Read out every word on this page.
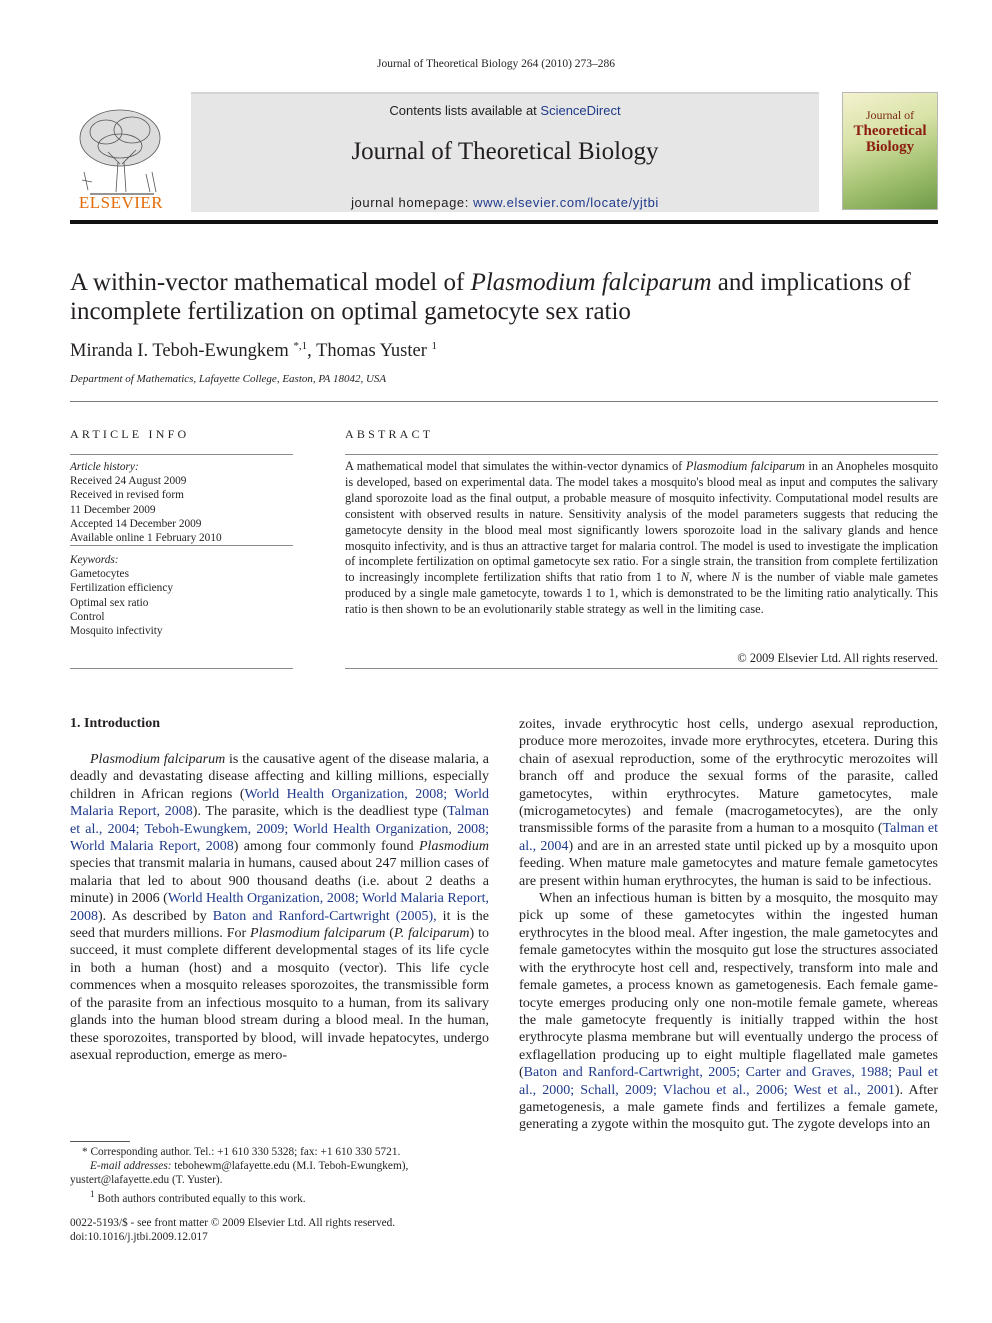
Journal of Theoretical Biology 264 (2010) 273–286
ELSEVIER
Contents lists available at ScienceDirect
Journal of Theoretical Biology
journal homepage: www.elsevier.com/locate/yjtbi
Journal of
Theoretical
Biology
A within-vector mathematical model of Plasmodium falciparum and implications of incomplete fertilization on optimal gametocyte sex ratio
Miranda I. Teboh-Ewungkem $^{*,1}$, Thomas Yuster $^1$
Department of Mathematics, Lafayette College, Easton, PA 18042, USA
ARTICLE INFO
Article history:
Received 24 August 2009
Received in revised form
11 December 2009
Accepted 14 December 2009
Available online 1 February 2010
Keywords:
Gametocytes
Fertilization efficiency
Optimal sex ratio
Control
Mosquito infectivity
ABSTRACT
A mathematical model that simulates the within-vector dynamics of Plasmodium falciparum in an Anopheles mosquito is developed, based on experimental data. The model takes a mosquito's blood meal as input and computes the salivary gland sporozoite load as the final output, a probable measure of mosquito infectivity. Computational model results are consistent with observed results in nature. Sensitivity analysis of the model parameters suggests that reducing the gametocyte density in the blood meal most significantly lowers sporozoite load in the salivary glands and hence mosquito infectivity, and is thus an attractive target for malaria control. The model is used to investigate the implication of incomplete fertilization on optimal gametocyte sex ratio. For a single strain, the transition from complete fertilization to increasingly incomplete fertilization shifts that ratio from 1 to N, where N is the number of viable male gametes produced by a single male gametocyte, towards 1 to 1, which is demonstrated to be the limiting ratio analytically. This ratio is then shown to be an evolutionarily stable strategy as well in the limiting case.
© 2009 Elsevier Ltd. All rights reserved.
1. Introduction

Plasmodium falciparum is the causative agent of the disease malaria, a deadly and devastating disease affecting and killing millions, especially children in African regions (World Health Organization, 2008; World Malaria Report, 2008). The parasite, which is the deadliest type (Talman et al., 2004; Teboh-Ewungkem, 2009; World Health Organization, 2008; World Malaria Report, 2008) among four commonly found Plasmodium species that transmit malaria in humans, caused about 247 million cases of malaria that led to about 900 thousand deaths (i.e. about 2 deaths a minute) in 2006 (World Health Organization, 2008; World Malaria Report, 2008). As described by Baton and Ranford-Cartwright (2005), it is the seed that murders millions. For Plasmodium falciparum (P. falciparum) to succeed, it must complete different developmental stages of its life cycle in both a human (host) and a mosquito (vector). This life cycle commences when a mosquito releases sporozoites, the transmissible form of the parasite from an infectious mosquito to a human, from its salivary glands into the human blood stream during a blood meal. In the human, these sporozoites, transported by blood, will invade hepatocytes, undergo asexual reproduction, emerge as mero-

zoites, invade erythrocytic host cells, undergo asexual reproduction, produce more merozoites, invade more erythrocytes, etcetera. During this chain of asexual reproduction, some of the erythrocytic merozoites will branch off and produce the sexual forms of the parasite, called gametocytes, within erythrocytes. Mature gametocytes, male (microgametocytes) and female (macrogametocytes), are the only transmissible forms of the parasite from a human to a mosquito (Talman et al., 2004) and are in an arrested state until picked up by a mosquito upon feeding. When mature male gametocytes and mature female gametocytes are present within human erythrocytes, the human is said to be infectious.

When an infectious human is bitten by a mosquito, the mosquito may pick up some of these gametocytes within the ingested human erythrocytes in the blood meal. After ingestion, the male gametocytes and female gametocytes within the mosquito gut lose the structures associated with the erythrocyte host cell and, respectively, transform into male and female gametes, a process known as gametogenesis. Each female game-tocyte emerges producing only one non-motile female gamete, whereas the male gametocyte frequently is initially trapped within the host erythrocyte plasma membrane but will eventually undergo the process of exflagellation producing up to eight multiple flagellated male gametes (Baton and Ranford-Cartwright, 2005; Carter and Graves, 1988; Paul et al., 2000; Schall, 2009; Vlachou et al., 2006; West et al., 2001). After gametogenesis, a male gamete finds and fertilizes a female gamete, generating a zygote within the mosquito gut. The zygote develops into an

* Corresponding author. Tel.: +1 610 330 5328; fax: +1 610 330 5721.
E-mail addresses: tebohewm@lafayette.edu (M.I. Teboh-Ewungkem),
yustert@lafayette.edu (T. Yuster).
$^1$ Both authors contributed equally to this work.
0022-5193/$ - see front matter © 2009 Elsevier Ltd. All rights reserved.
doi:10.1016/j.jtbi.2009.12.017
